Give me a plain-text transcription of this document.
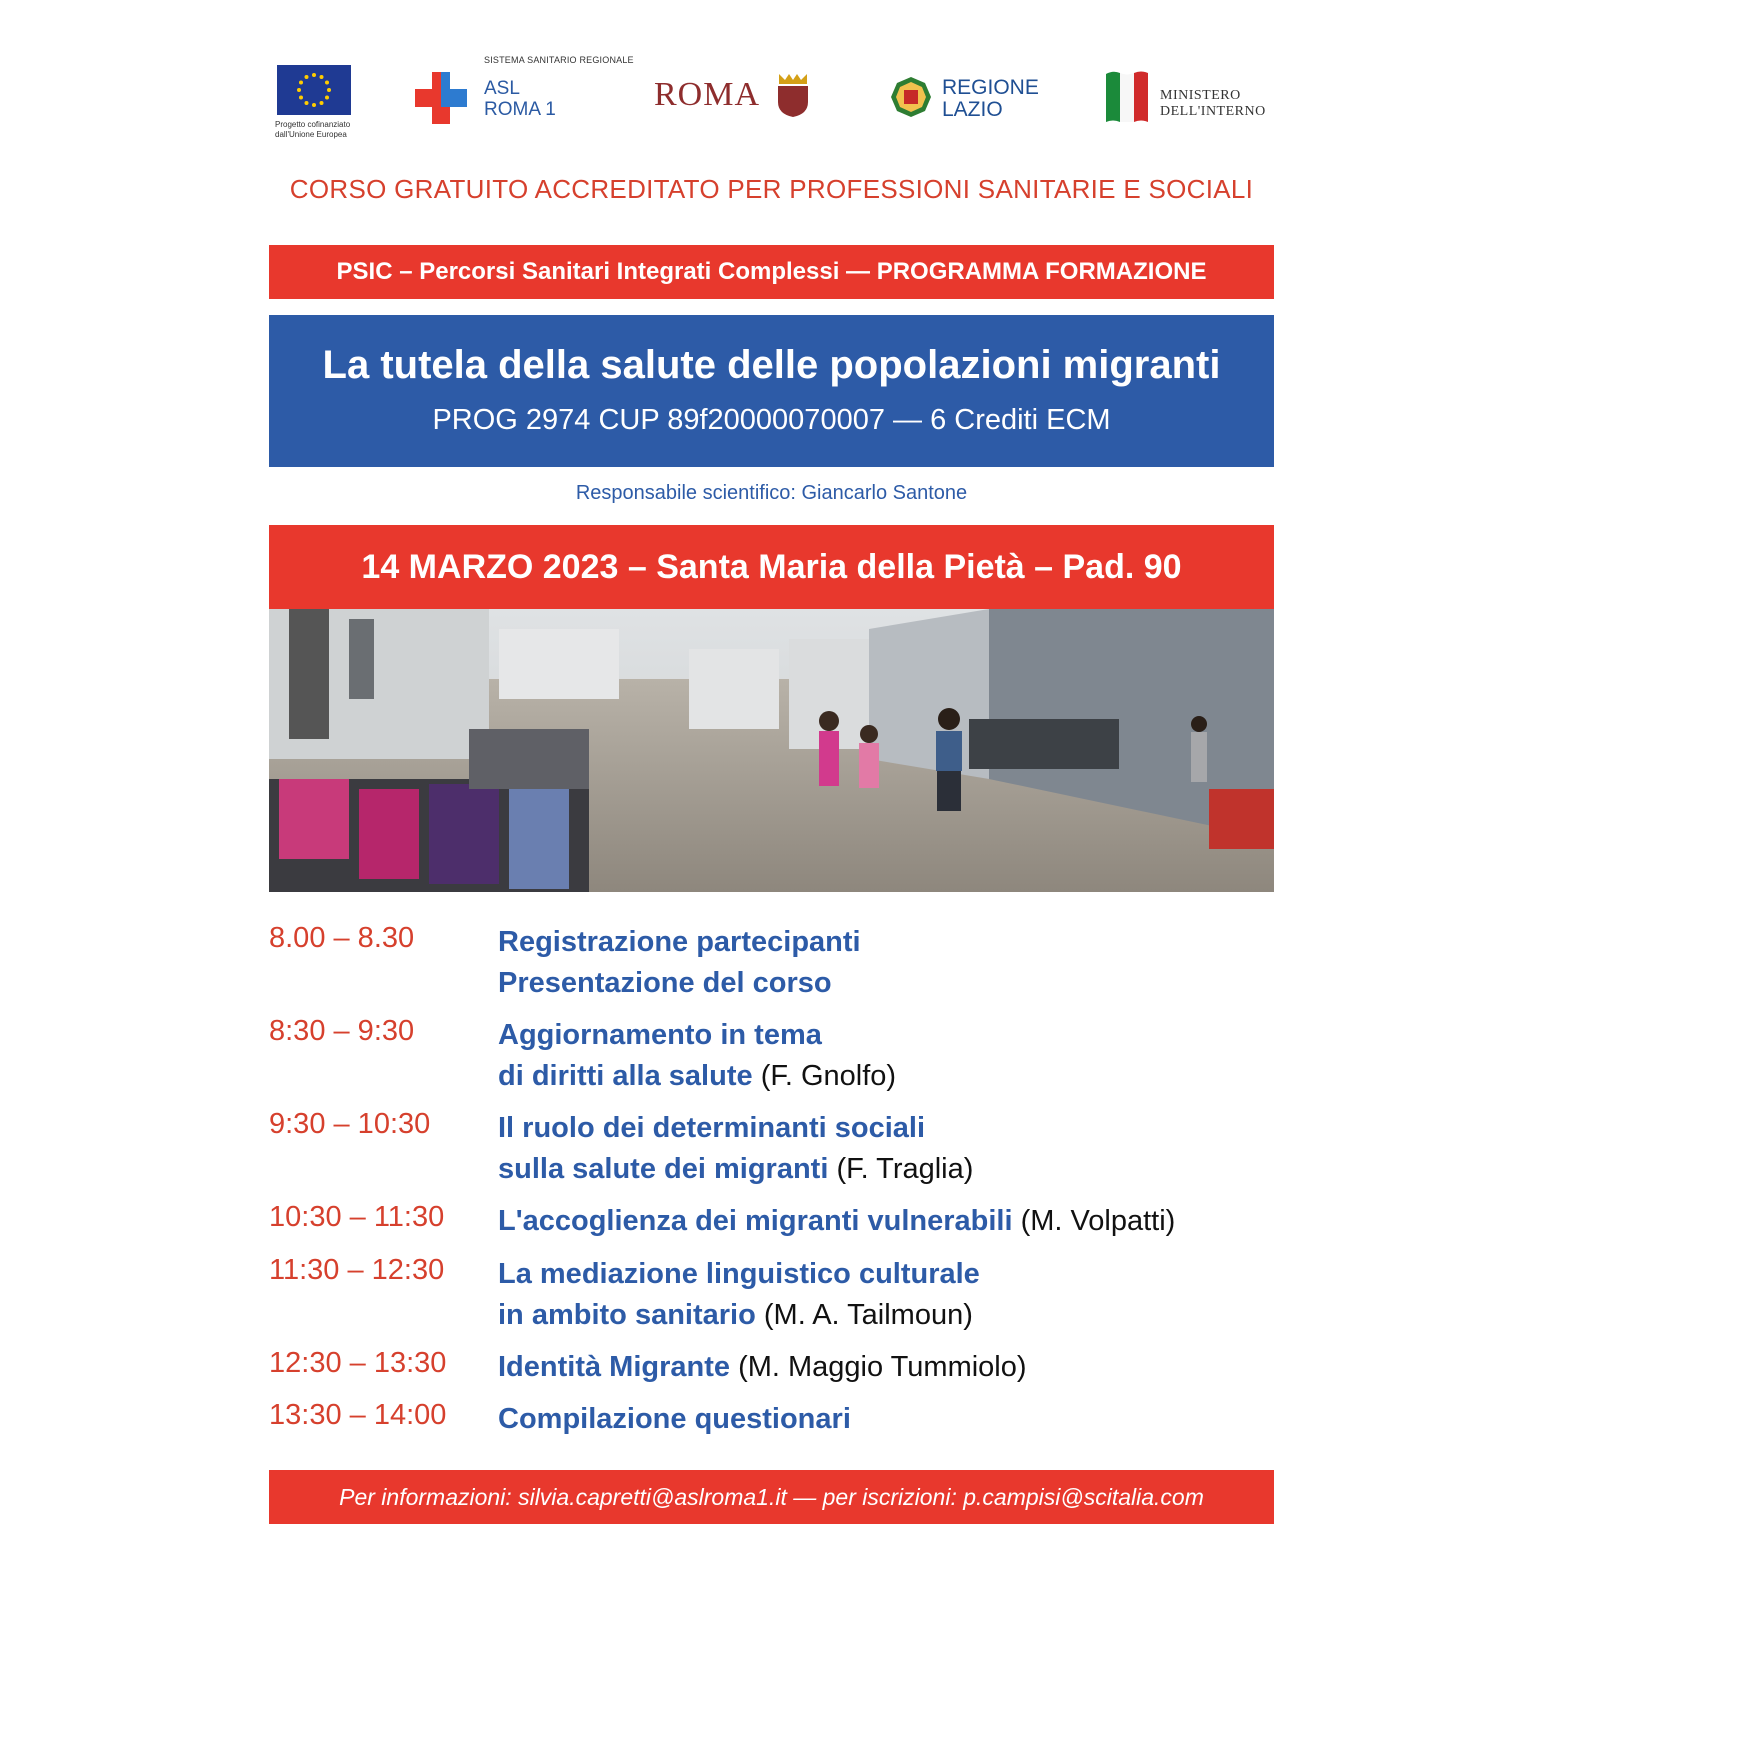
Progetto cofinanziato
dall'Unione Europea
SISTEMA SANITARIO REGIONALE
ASL
ROMA 1	ROMA	REGIONE
LAZIO
MINISTERO
DELL'INTERNO
CORSO GRATUITO ACCREDITATO PER PROFESSIONI SANITARIE E SOCIALI
PSIC – Percorsi Sanitari Integrati Complessi — PROGRAMMA FORMAZIONE
La tutela della salute delle popolazioni migranti
PROG 2974 CUP 89f20000070007 — 6 Crediti ECM
Responsabile scientifico: Giancarlo Santone
14 MARZO 2023 – Santa Maria della Pietà – Pad. 90
8.00 – 8.30	Registrazione partecipanti
Presentazione del corso
8:30 – 9:30	Aggiornamento in tema
di diritti alla salute (F. Gnolfo)
9:30 – 10:30 Il ruolo dei determinanti sociali
sulla salute dei migranti (F. Traglia)
10:30 – 11:30 L'accoglienza dei migranti vulnerabili (M. Volpatti)
11:30 – 12:30 La mediazione linguistico culturale
in ambito sanitario (M. A. Tailmoun)
12:30 – 13:30 Identità Migrante (M. Maggio Tummiolo)
13:30 – 14:00 Compilazione questionari
Per informazioni: silvia.capretti@aslroma1.it — per iscrizioni: p.campisi@scitalia.com
